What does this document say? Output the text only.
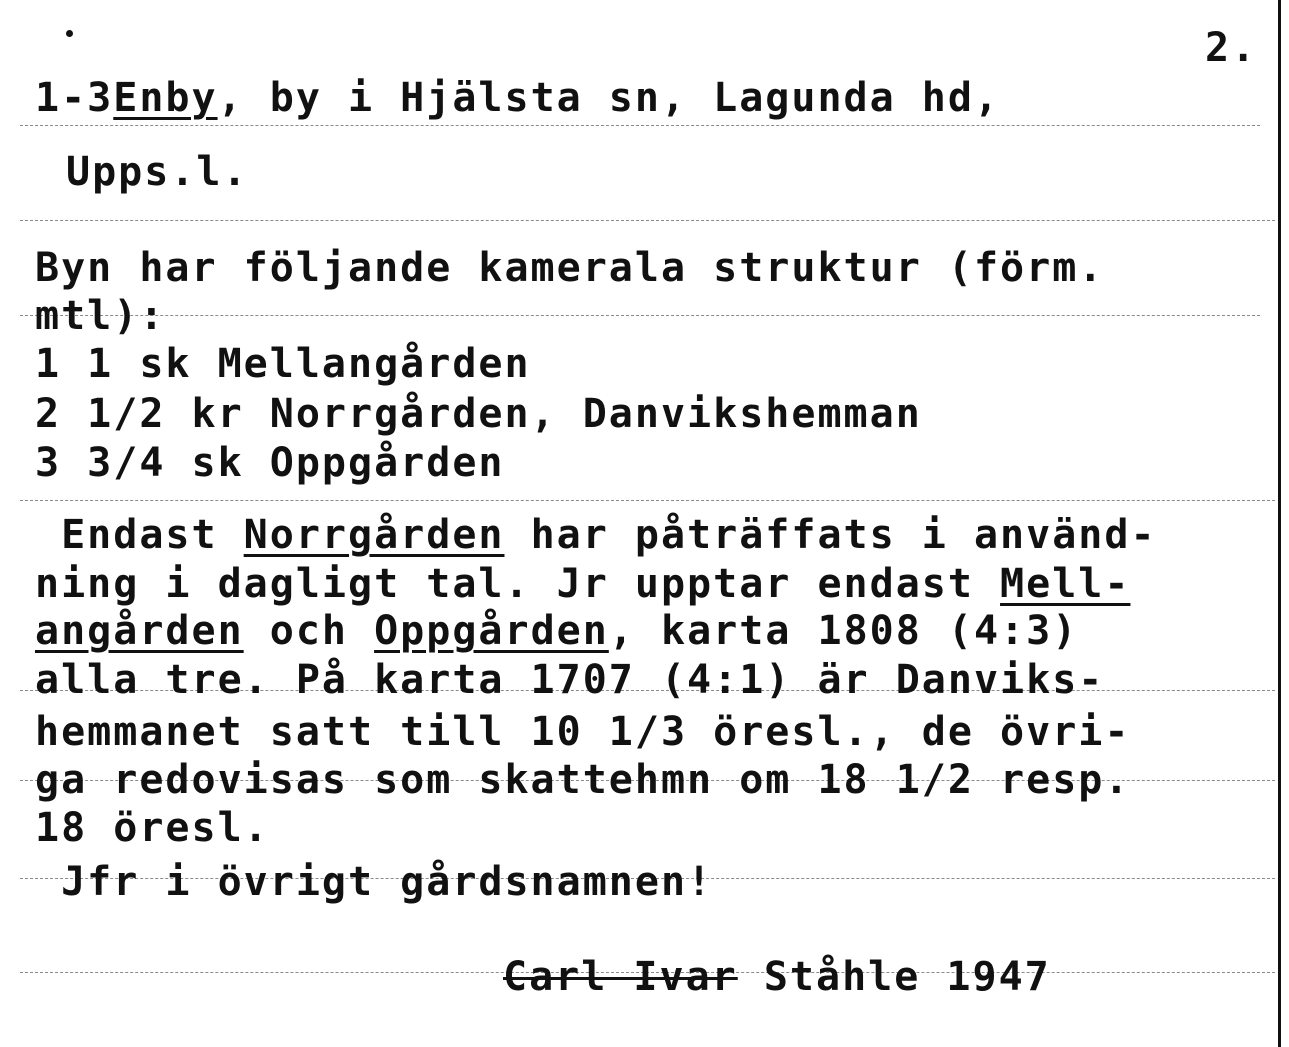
2.

1-3Enby, by i Hjälsta sn, Lagunda hd,

Upps.l.

Byn har följande kamerala struktur (förm.

mtl):

1 1 sk Mellangården

2 1/2 kr Norrgården, Danvikshemman

3 3/4 sk Oppgården

Endast Norrgården har påträffats i använd-

ning i dagligt tal. Jr upptar endast Mell-

angården och Oppgården, karta 1808 (4:3)

alla tre. På karta 1707 (4:1) är Danviks-

hemmanet satt till 10 1/3 öresl., de övri-

ga redovisas som skattehmn om 18 1/2 resp.

18 öresl.

Jfr i övrigt gårdsnamnen!

Carl Ivar Ståhle 1947
